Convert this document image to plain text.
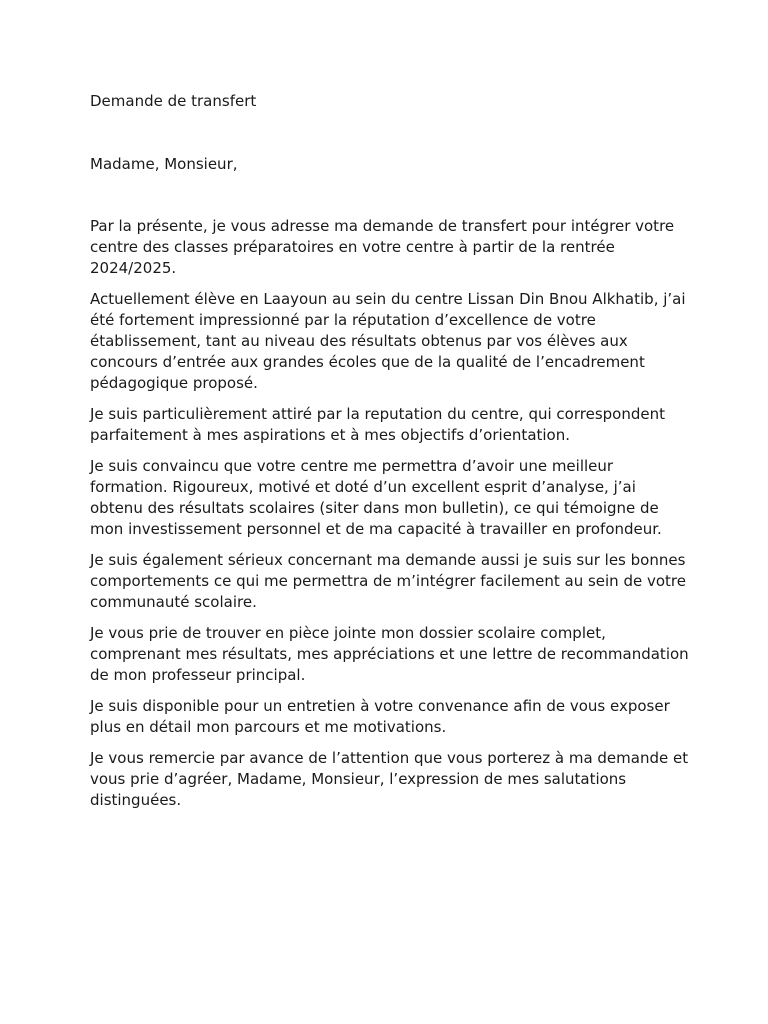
Demande de transfert

Madame, Monsieur,

Par la présente, je vous adresse ma demande de transfert pour intégrer votre centre des classes préparatoires en votre centre à partir de la rentrée 2024/2025.

Actuellement élève en Laayoun au sein du centre Lissan Din Bnou Alkhatib, j’ai été fortement impressionné par la réputation d’excellence de votre établissement, tant au niveau des résultats obtenus par vos élèves aux concours d’entrée aux grandes écoles que de la qualité de l’encadrement pédagogique proposé.

Je suis particulièrement attiré par la reputation du centre, qui correspondent parfaitement à mes aspirations et à mes objectifs d’orientation.

Je suis convaincu que votre centre me permettra d’avoir une meilleur formation. Rigoureux, motivé et doté d’un excellent esprit d’analyse, j’ai obtenu des résultats scolaires (siter dans mon bulletin), ce qui témoigne de mon investissement personnel et de ma capacité à travailler en profondeur.

Je suis également sérieux concernant ma demande aussi je suis sur les bonnes comportements ce qui me permettra de m’intégrer facilement au sein de votre communauté scolaire.

Je vous prie de trouver en pièce jointe mon dossier scolaire complet, comprenant mes résultats, mes appréciations et une lettre de recommandation de mon professeur principal.

Je suis disponible pour un entretien à votre convenance afin de vous exposer plus en détail mon parcours et me motivations.

Je vous remercie par avance de l’attention que vous porterez à ma demande et vous prie d’agréer, Madame, Monsieur, l’expression de mes salutations distinguées.
